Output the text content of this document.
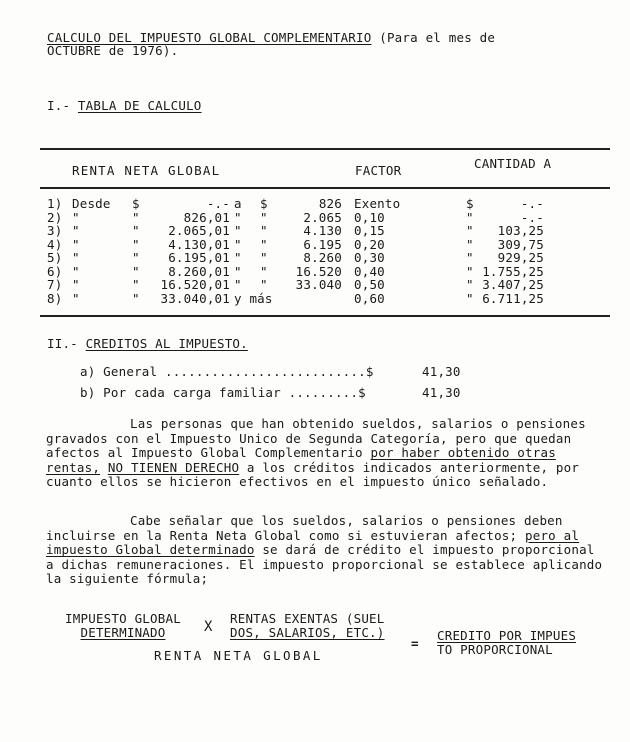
CALCULO DEL IMPUESTO GLOBAL COMPLEMENTARIO (Para el mes de
OCTUBRE de 1976).
I.- TABLA DE CALCULO
RENTA NETA GLOBAL	FACTOR	CANTIDAD A
1) Desde	$	-.- a	$	826 Exento	$	-.-
2) "	"	826,01 "	"	2.065 0,10	"	-.-
3) "	"	2.065,01 "	"	4.130 0,15	"	103,25
4) "	"	4.130,01 "	"	6.195 0,20	"	309,75
5) "	"	6.195,01 "	"	8.260 0,30	"	929,25
6) "	"	8.260,01 "	"	16.520 0,40	" 1.755,25
7) "	"	16.520,01 "	"	33.040 0,50	" 3.407,25
8) "	"	33.040,01 y más	0,60	" 6.711,25
II.- CREDITOS AL IMPUESTO.
a) General ..........................$	41,30
b) Por cada carga familiar .........$	41,30
Las personas que han obtenido sueldos, salarios o pensiones gravados con el Impuesto Unico de Segunda Categoría, pero que quedan afectos al Impuesto Global Complementario por haber obtenido otras rentas, NO TIENEN DERECHO a los créditos indicados anteriormente, por cuanto ellos se hicieron efectivos en el impuesto único señalado.
Cabe señalar que los sueldos, salarios o pensiones deben incluirse en la Renta Neta Global como si estuvieran afectos; pero al impuesto Global determinado se dará de crédito el impuesto proporcional a dichas remuneraciones. El impuesto proporcional se establece aplicando la siguiente fórmula;
IMPUESTO GLOBAL
DETERMINADO	X
RENTAS EXENTAS (SUEL
DOS, SALARIOS, ETC.)
RENTA NETA GLOBAL
=
CREDITO POR IMPUES
TO PROPORCIONAL
